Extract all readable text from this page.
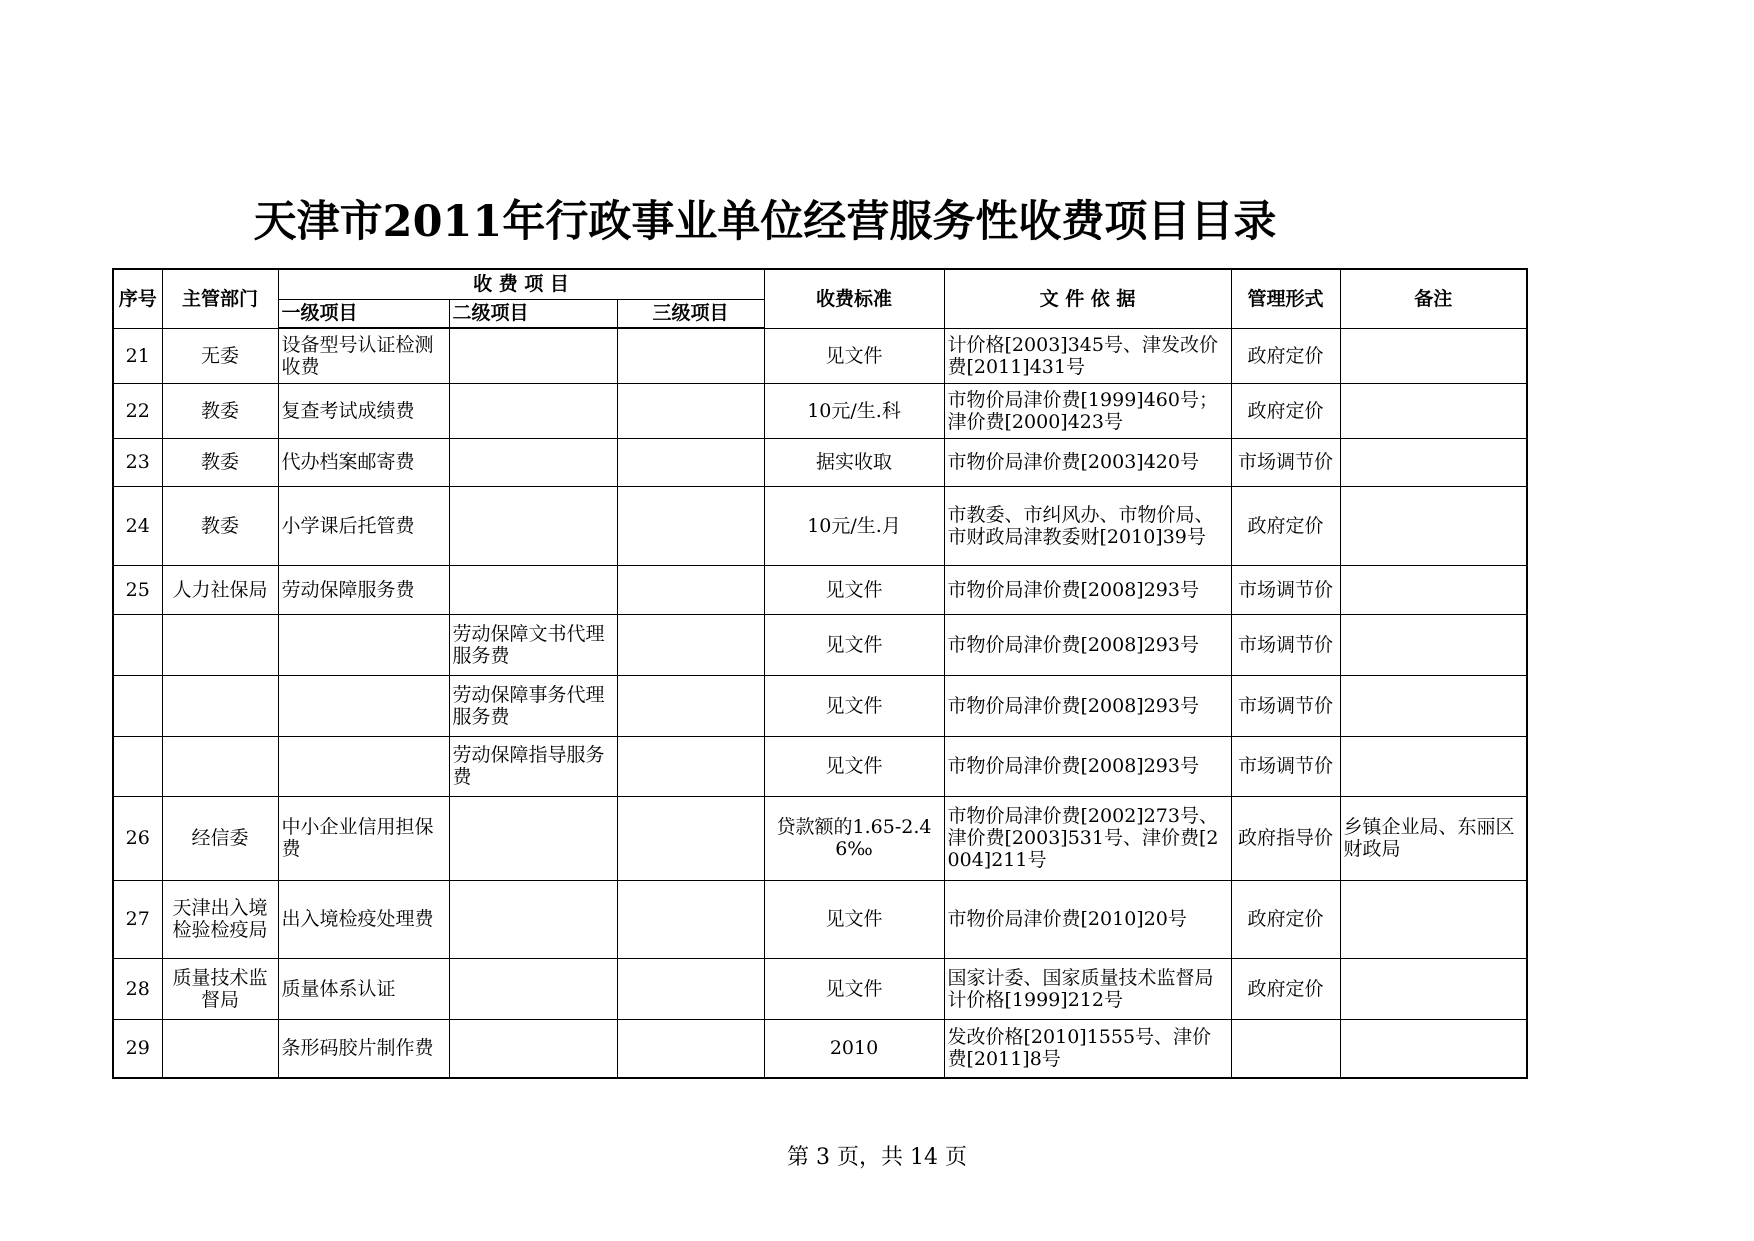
天津市2011年行政事业单位经营服务性收费项目目录
序号	主管部门	收 费 项 目			收费标准	文 件 依 据	管理形式	备注
		一级项目	二级项目	三级项目				
21	无委	设备型号认证检测收费			见文件	计价格[2003]345号、津发改价费[2011]431号	政府定价	
22	教委	复查考试成绩费			10元/生.科	市物价局津价费[1999]460号；津价费[2000]423号	政府定价	
23	教委	代办档案邮寄费			据实收取	市物价局津价费[2003]420号	市场调节价	
24	教委	小学课后托管费			10元/生.月	市教委、市纠风办、市物价局、市财政局津教委财[2010]39号	政府定价	
25	人力社保局	劳动保障服务费			见文件	市物价局津价费[2008]293号	市场调节价	
			劳动保障文书代理服务费		见文件	市物价局津价费[2008]293号	市场调节价	
			劳动保障事务代理服务费		见文件	市物价局津价费[2008]293号	市场调节价	
			劳动保障指导服务费		见文件	市物价局津价费[2008]293号	市场调节价	
26	经信委	中小企业信用担保费			贷款额的1.65-2.46‰	市物价局津价费[2002]273号、津价费[2003]531号、津价费[2004]211号	政府指导价	乡镇企业局、东丽区财政局
27	天津出入境检验检疫局	出入境检疫处理费			见文件	市物价局津价费[2010]20号	政府定价	
28	质量技术监督局	质量体系认证			见文件	国家计委、国家质量技术监督局计价格[1999]212号	政府定价	
29		条形码胶片制作费			2010	发改价格[2010]1555号、津价费[2011]8号		
第 3 页，共 14 页
